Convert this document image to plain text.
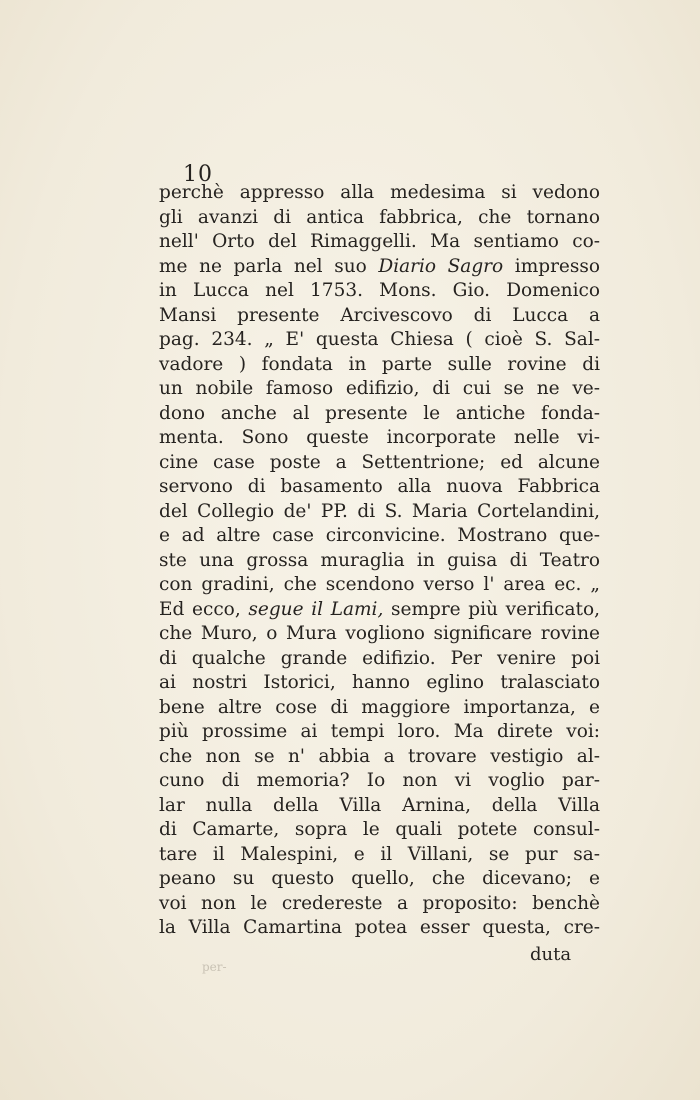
10
perchè appresso alla medesima si vedono
gli avanzi di antica fabbrica, che tornano
nell' Orto del Rimaggelli. Ma sentiamo co-
me ne parla nel suo Diario Sagro impresso
in Lucca nel 1753. Mons. Gio. Domenico
Mansi presente Arcivescovo di Lucca a
pag. 234. „ E' questa Chiesa ( cioè S. Sal-
vadore ) fondata in parte sulle rovine di
un nobile famoso edifizio, di cui se ne ve-
dono anche al presente le antiche fonda-
menta. Sono queste incorporate nelle vi-
cine case poste a Settentrione; ed alcune
servono di basamento alla nuova Fabbrica
del Collegio de' PP. di S. Maria Cortelandini,
e ad altre case circonvicine. Mostrano que-
ste una grossa muraglia in guisa di Teatro
con gradini, che scendono verso l' area ec. „
Ed ecco, segue il Lami, sempre più verificato,
che Muro, o Mura vogliono significare rovine
di qualche grande edifizio. Per venire poi
ai nostri Istorici, hanno eglino tralasciato
bene altre cose di maggiore importanza, e
più prossime ai tempi loro. Ma direte voi:
che non se n' abbia a trovare vestigio al-
cuno di memoria? Io non vi voglio par-
lar nulla della Villa Arnina, della Villa
di Camarte, sopra le quali potete consul-
tare il Malespini, e il Villani, se pur sa-
peano su questo quello, che dicevano; e
voi non le credereste a proposito: benchè
la Villa Camartina potea esser questa, cre-
duta
per-
